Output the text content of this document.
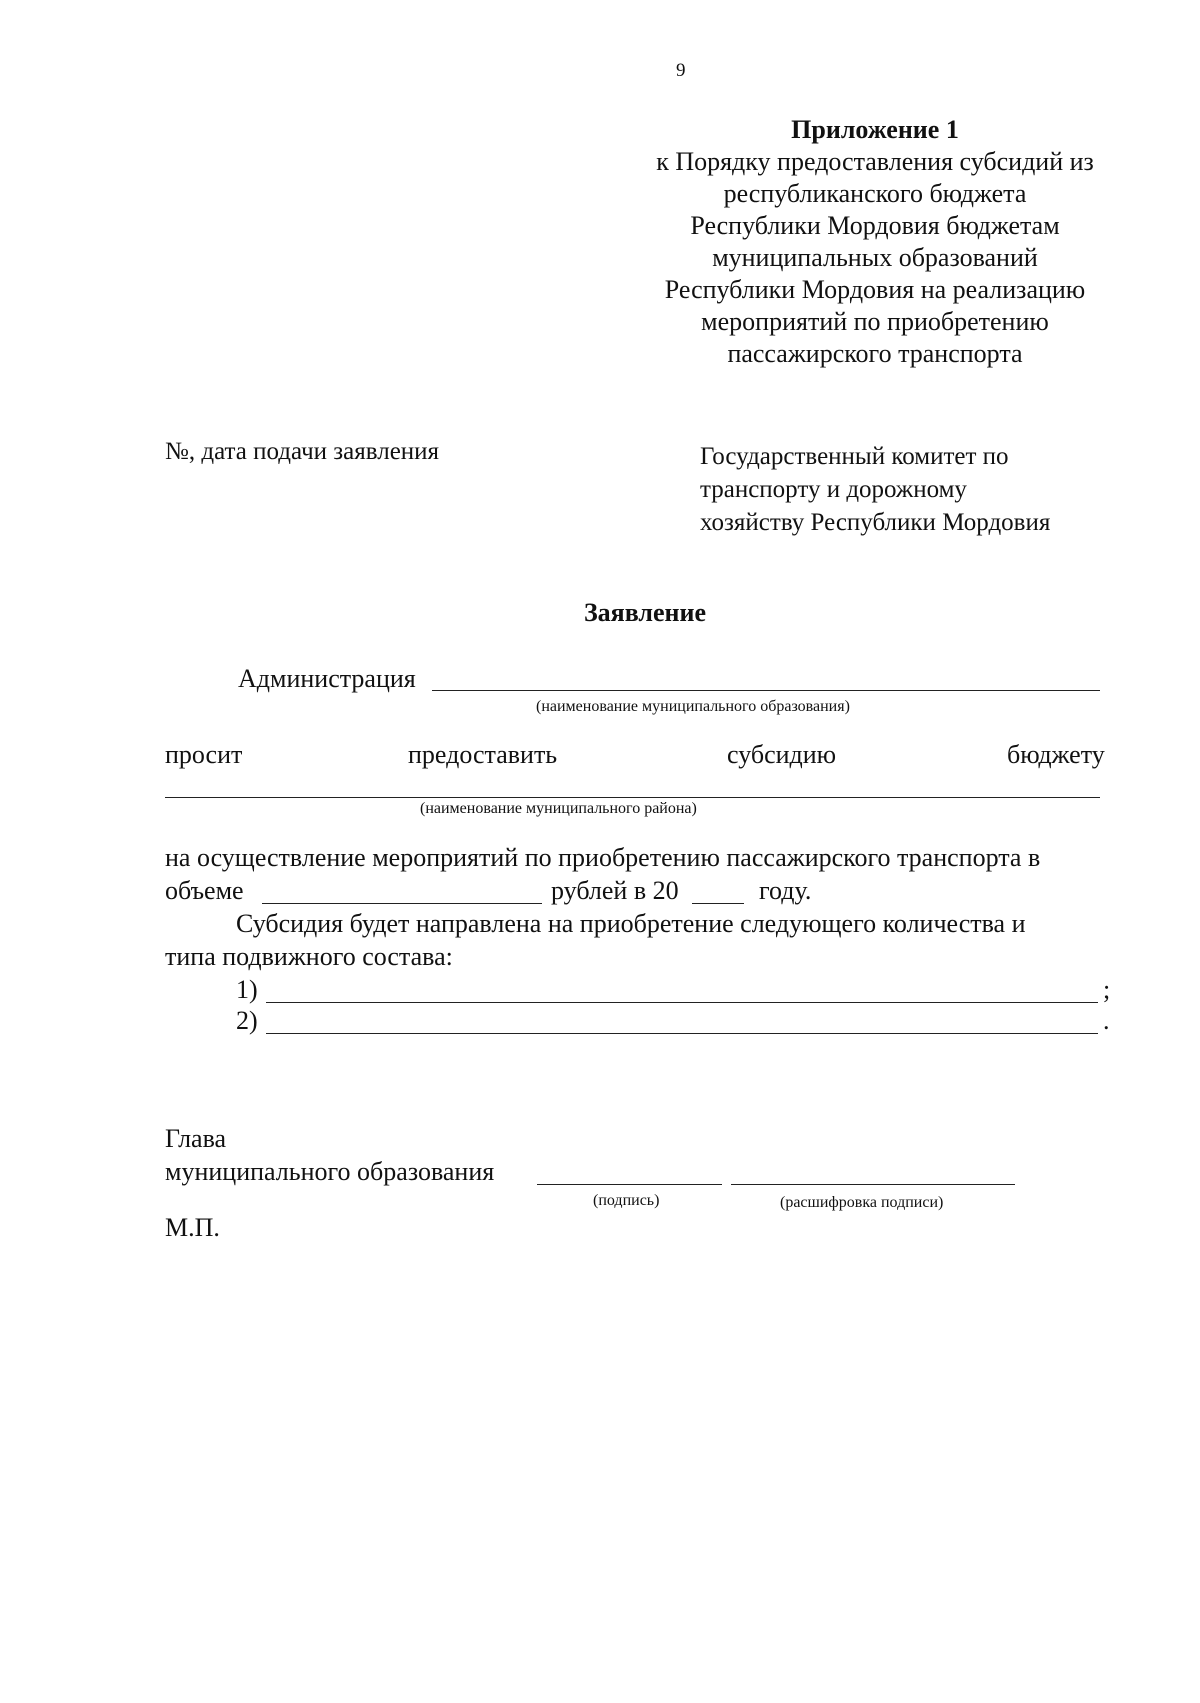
9
Приложение 1
к Порядку предоставления субсидий из
республиканского бюджета
Республики Мордовия бюджетам
муниципальных образований
Республики Мордовия на реализацию
мероприятий по приобретению
пассажирского транспорта
№, дата подачи заявления	Государственный комитет по
транспорту и дорожному
хозяйству Республики Мордовия
Заявление
Администрация
(наименование муниципального образования)
просит	предоставить	субсидию	бюджету
(наименование муниципального района)
на осуществление мероприятий по приобретению пассажирского транспорта в
объеме	рублей в 20	году.
Субсидия будет направлена на приобретение следующего количества и
типа подвижного состава:
1)	;
2)	.
Глава
муниципального образования
(подпись)	(расшифровка подписи)
М.П.
